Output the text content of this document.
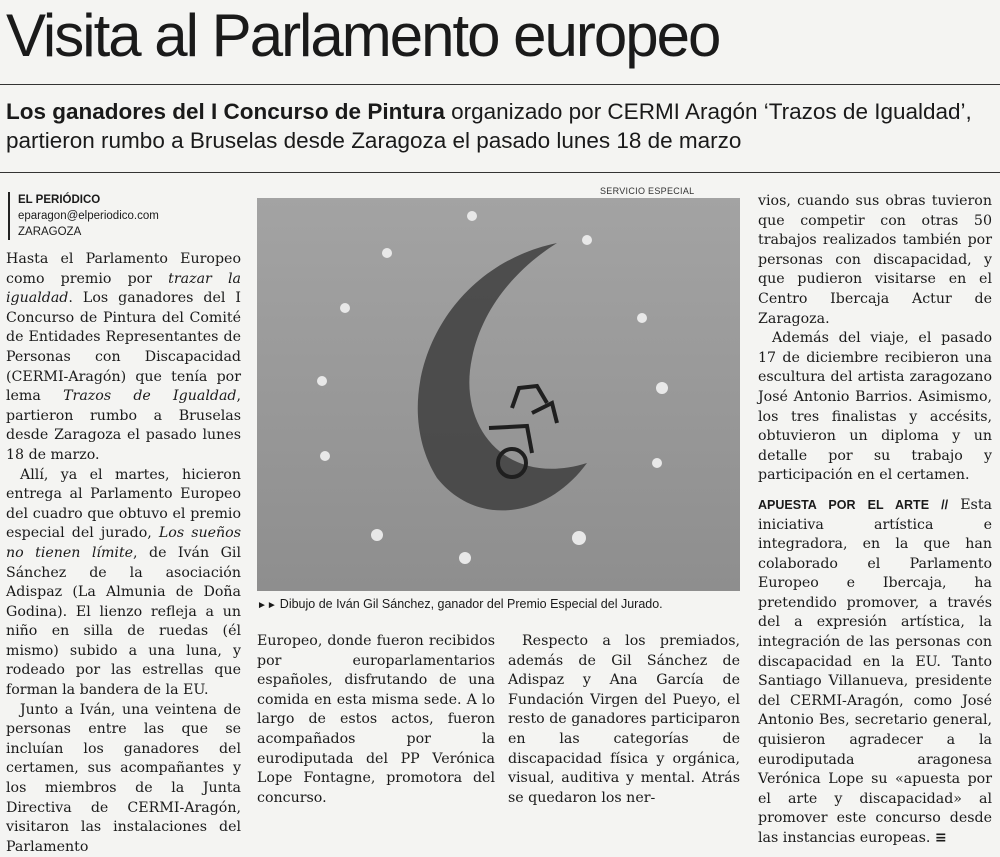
Visita al Parlamento europeo

Los ganadores del I Concurso de Pintura organizado por CERMI Aragón ‘Trazos de Igualdad’, partieron rumbo a Bruselas desde Zaragoza el pasado lunes 18 de marzo

EL PERIÓDICO
eparagon@elperiodico.com
ZARAGOZA
SERVICIO ESPECIAL
►► Dibujo de Iván Gil Sánchez, ganador del Premio Especial del Jurado.

Hasta el Parlamento Europeo como premio por trazar la igualdad. Los ganadores del I Concurso de Pintura del Comité de Entidades Representantes de Personas con Discapacidad (CERMI-Aragón) que tenía por lema Trazos de Igualdad, partieron rumbo a Bruselas desde Zaragoza el pasado lunes 18 de marzo.

Allí, ya el martes, hicieron entrega al Parlamento Europeo del cuadro que obtuvo el premio especial del jurado, Los sueños no tienen límite, de Iván Gil Sánchez de la asociación Adispaz (La Almunia de Doña Godina). El lienzo refleja a un niño en silla de ruedas (él mismo) subido a una luna, y rodeado por las estrellas que forman la bandera de la EU.

Junto a Iván, una veintena de personas entre las que se incluían los ganadores del certamen, sus acompañantes y los miembros de la Junta Directiva de CERMI-Aragón, visitaron las instalaciones del Parlamento

Europeo, donde fueron recibidos por europarlamentarios españoles, disfrutando de una comida en esta misma sede. A lo largo de estos actos, fueron acompañados por la eurodiputada del PP Verónica Lope Fontagne, promotora del concurso.

Respecto a los premiados, además de Gil Sánchez de Adispaz y Ana García de Fundación Virgen del Pueyo, el resto de ganadores participaron en las categorías de discapacidad física y orgánica, visual, auditiva y mental. Atrás se quedaron los ner-

vios, cuando sus obras tuvieron que competir con otras 50 trabajos realizados también por personas con discapacidad, y que pudieron visitarse en el Centro Ibercaja Actur de Zaragoza.

Además del viaje, el pasado 17 de diciembre recibieron una escultura del artista zaragozano José Antonio Barrios. Asimismo, los tres finalistas y accésits, obtuvieron un diploma y un detalle por su trabajo y participación en el certamen.

APUESTA POR EL ARTE // Esta iniciativa artística e integradora, en la que han colaborado el Parlamento Europeo e Ibercaja, ha pretendido promover, a través del a expresión artística, la integración de las personas con discapacidad en la EU. Tanto Santiago Villanueva, presidente del CERMI-Aragón, como José Antonio Bes, secretario general, quisieron agradecer a la eurodiputada aragonesa Verónica Lope su «apuesta por el arte y discapacidad» al promover este concurso desde las instancias europeas. ≡
